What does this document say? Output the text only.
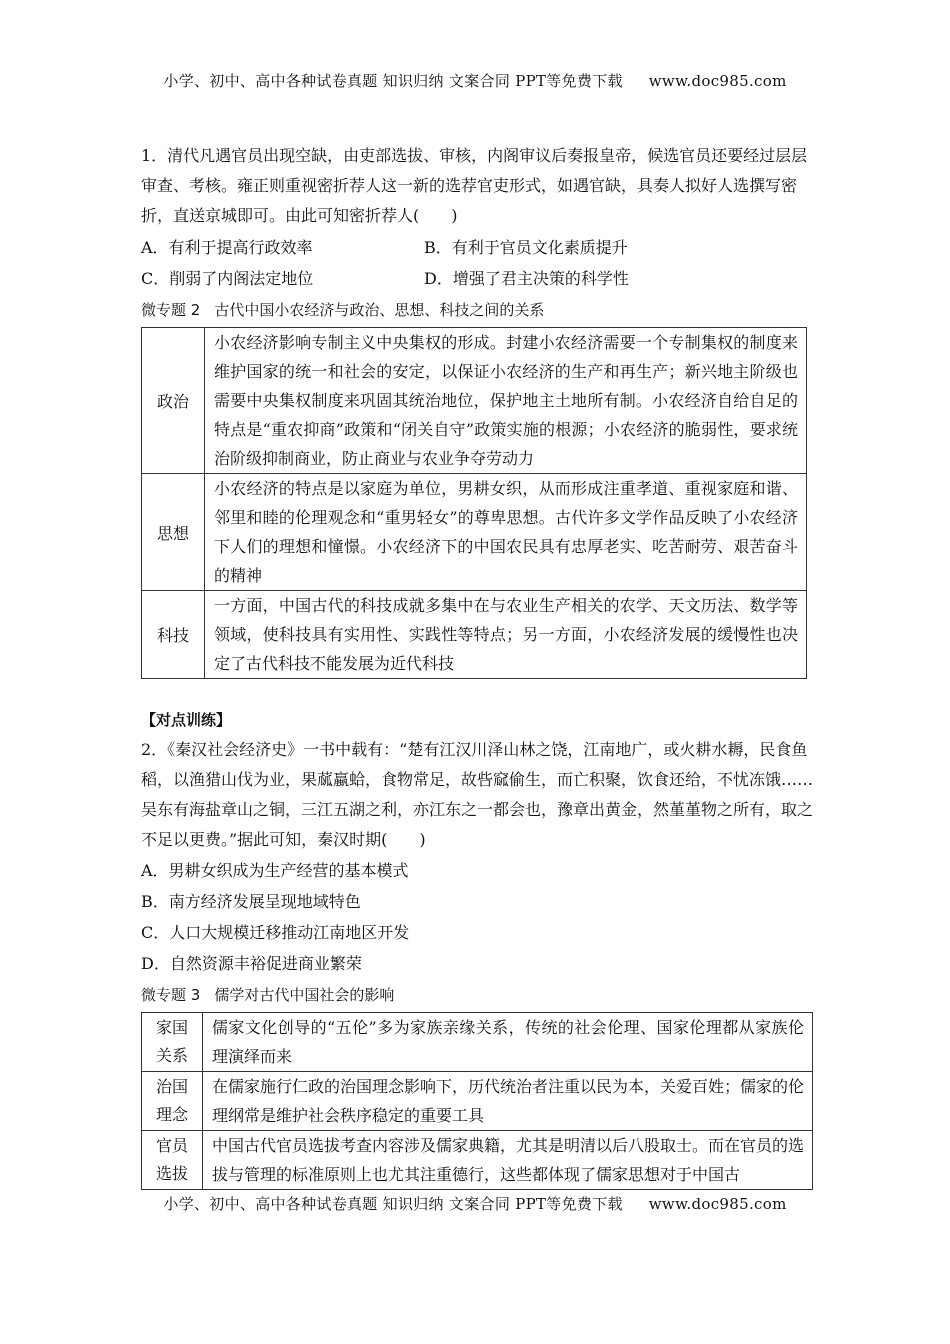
小学、初中、高中各种试卷真题 知识归纳 文案合同 PPT等免费下载 www.doc985.com

1．清代凡遇官员出现空缺，由吏部选拔、审核，内阁审议后奏报皇帝，候选官员还要经过层层审查、考核。雍正则重视密折荐人这一新的选荐官吏形式，如遇官缺，具奏人拟好人选撰写密折，直送京城即可。由此可知密折荐人(　　)

A．有利于提高行政效率	B．有利于官员文化素质提升
C．削弱了内阁法定地位	D．增强了君主决策的科学性
微专题 2 古代中国小农经济与政治、思想、科技之间的关系
政治	小农经济影响专制主义中央集权的形成。封建小农经济需要一个专制集权的制度来维护国家的统一和社会的安定，以保证小农经济的生产和再生产；新兴地主阶级也需要中央集权制度来巩固其统治地位，保护地主土地所有制。小农经济自给自足的特点是“重农抑商”政策和“闭关自守”政策实施的根源；小农经济的脆弱性，要求统治阶级抑制商业，防止商业与农业争夺劳动力
思想	小农经济的特点是以家庭为单位，男耕女织，从而形成注重孝道、重视家庭和谐、邻里和睦的伦理观念和“重男轻女”的尊卑思想。古代许多文学作品反映了小农经济下人们的理想和憧憬。小农经济下的中国农民具有忠厚老实、吃苦耐劳、艰苦奋斗的精神
科技	一方面，中国古代的科技成就多集中在与农业生产相关的农学、天文历法、数学等领域，使科技具有实用性、实践性等特点；另一方面，小农经济发展的缓慢性也决定了古代科技不能发展为近代科技

【对点训练】

2．《秦汉社会经济史》一书中载有：“楚有江汉川泽山林之饶，江南地广，或火耕水耨，民食鱼稻，以渔猎山伐为业，果蓏蠃蛤，食物常足，故呰窳偷生，而亡积聚，饮食还给，不忧冻饿……吴东有海盐章山之铜，三江五湖之利，亦江东之一都会也，豫章出黄金，然堇堇物之所有，取之不足以更费。”据此可知，秦汉时期(　　)

A．男耕女织成为生产经营的基本模式
B．南方经济发展呈现地域特色
C．人口大规模迁移推动江南地区开发
D．自然资源丰裕促进商业繁荣
微专题 3 儒学对古代中国社会的影响
家国
关系	儒家文化创导的“五伦”多为家族亲缘关系，传统的社会伦理、国家伦理都从家族伦理演绎而来
治国
理念	在儒家施行仁政的治国理念影响下，历代统治者注重以民为本，关爱百姓；儒家的伦理纲常是维护社会秩序稳定的重要工具
官员
选拔	中国古代官员选拔考查内容涉及儒家典籍，尤其是明清以后八股取士。而在官员的选拔与管理的标准原则上也尤其注重德行，这些都体现了儒家思想对于中国古
小学、初中、高中各种试卷真题 知识归纳 文案合同 PPT等免费下载 www.doc985.com
